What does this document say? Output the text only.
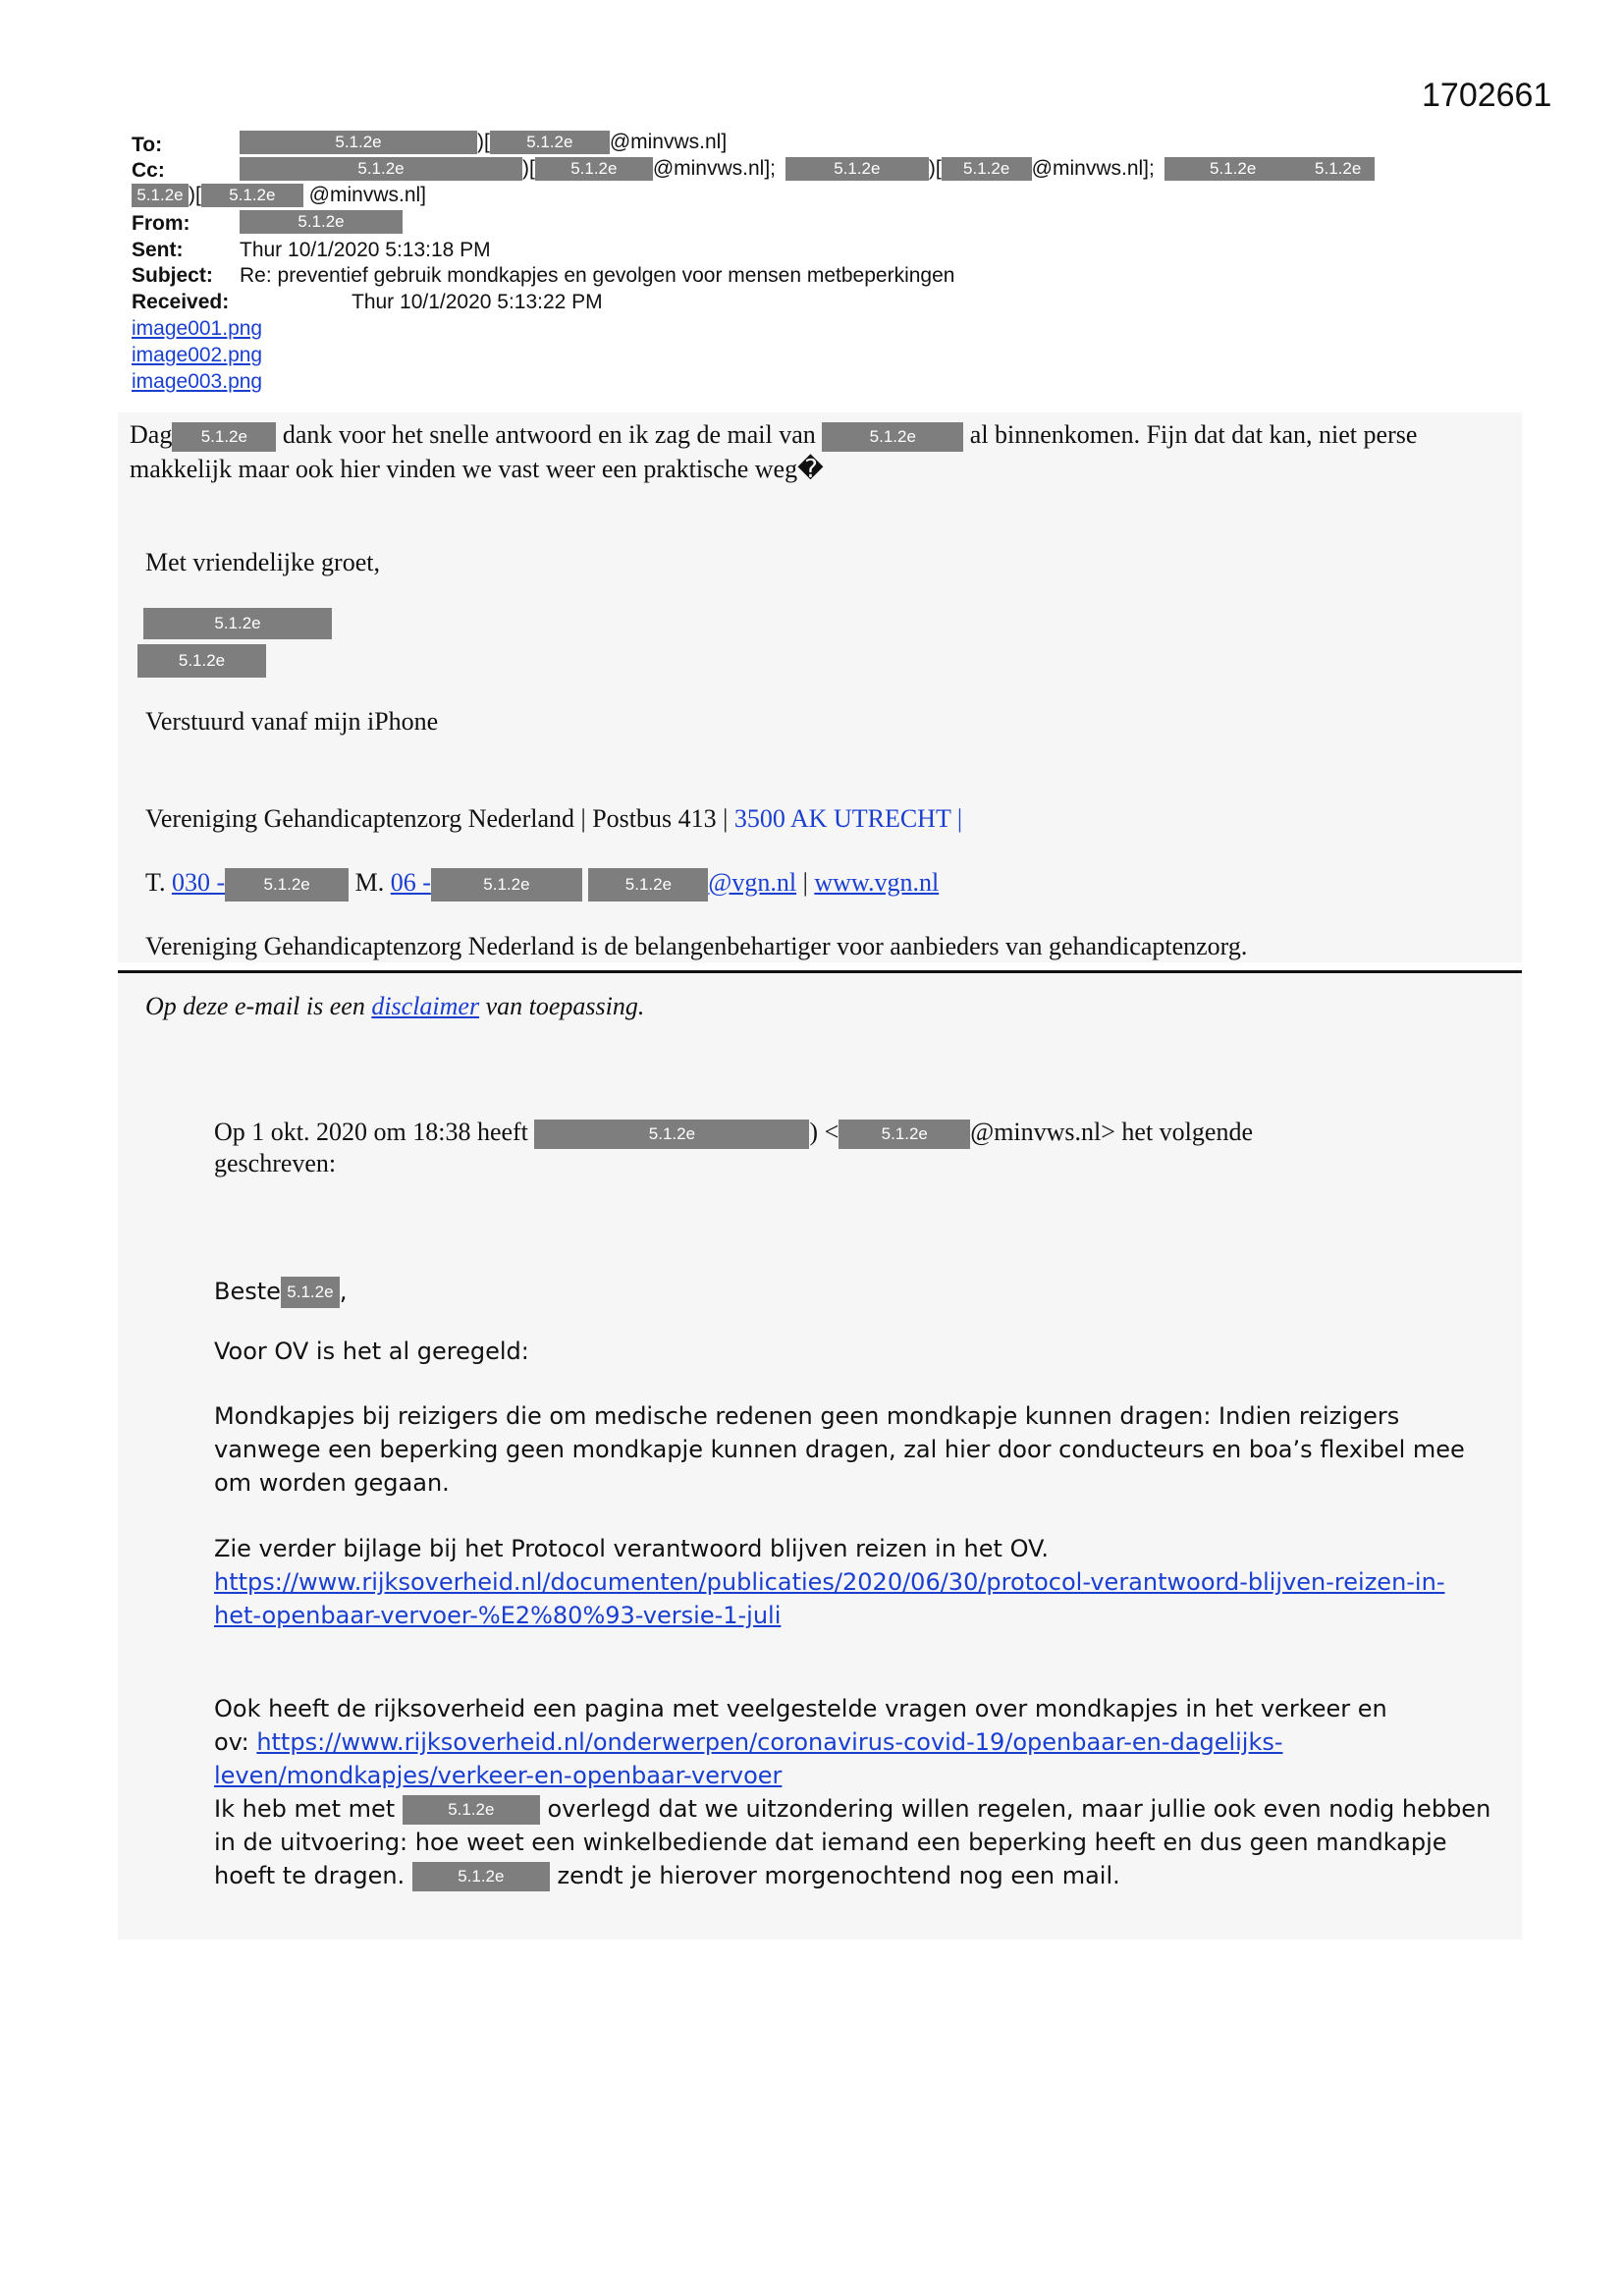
1702661
To:	5.1.2e	)[ 5.1.2e @minvws.nl]
Cc:	5.1.2e	)[ 5.1.2e @minvws.nl];	5.1.2e )[ 5.1.2e @minvws.nl];	5.1.2e	5.1.2e
5.1.2e )[ 5.1.2e @minvws.nl]
From:	5.1.2e
Sent:	Thur 10/1/2020 5:13:18 PM
Subject: Re: preventief gebruik mondkapjes en gevolgen voor mensen metbeperkingen
Received:	Thur 10/1/2020 5:13:22 PM
image001.png
image002.png
image003.png
Dag 5.1.2e dank voor het snelle antwoord en ik zag de mail van	5.1.2e al binnenkomen. Fijn dat dat kan, niet perse
makkelijk maar ook hier vinden we vast weer een praktische weg�
Met vriendelijke groet,
5.1.2e
5.1.2e
Verstuurd vanaf mijn iPhone
Vereniging Gehandicaptenzorg Nederland | Postbus 413 | 3500 AK UTRECHT |
T. 030 - 5.1.2e M. 06 -	5.1.2e	5.1.2e @vgn.nl | www.vgn.nl
Vereniging Gehandicaptenzorg Nederland is de belangenbehartiger voor aanbieders van gehandicaptenzorg.
Op deze e-mail is een disclaimer van toepassing.
Op 1 okt. 2020 om 18:38 heeft	5.1.2e	) <	5.1.2e @minvws.nl> het volgende
geschreven:
Beste 5.1.2e ,
Voor OV is het al geregeld:
Mondkapjes bij reizigers die om medische redenen geen mondkapje kunnen dragen: Indien reizigers
vanwege een beperking geen mondkapje kunnen dragen, zal hier door conducteurs en boa’s flexibel mee
om worden gegaan.
Zie verder bijlage bij het Protocol verantwoord blijven reizen in het OV.
https://www.rijksoverheid.nl/documenten/publicaties/2020/06/30/protocol-verantwoord-blijven-reizen-in-
het-openbaar-vervoer-%E2%80%93-versie-1-juli
Ook heeft de rijksoverheid een pagina met veelgestelde vragen over mondkapjes in het verkeer en
ov: https://www.rijksoverheid.nl/onderwerpen/coronavirus-covid-19/openbaar-en-dagelijks-
leven/mondkapjes/verkeer-en-openbaar-vervoer
Ik heb met met	5.1.2e overlegd dat we uitzondering willen regelen, maar jullie ook even nodig hebben
in de uitvoering: hoe weet een winkelbediende dat iemand een beperking heeft en dus geen mandkapje
hoeft te dragen.	5.1.2e zendt je hierover morgenochtend nog een mail.
